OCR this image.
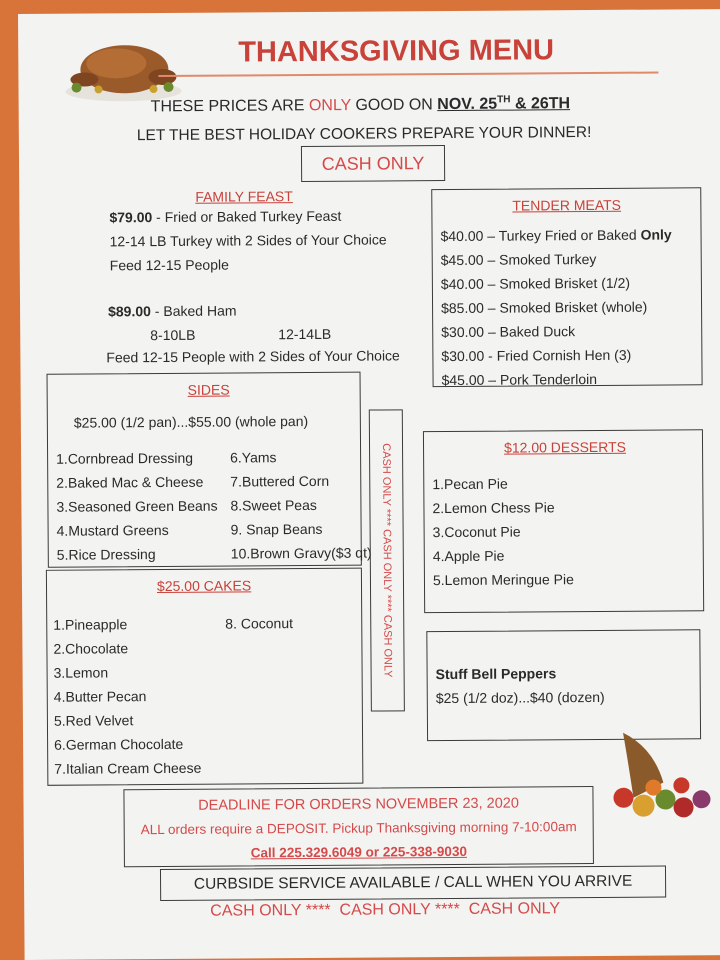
THANKSGIVING MENU
THESE PRICES ARE ONLY GOOD ON NOV. 25TH & 26TH
LET THE BEST HOLIDAY COOKERS PREPARE YOUR DINNER!
CASH ONLY
FAMILY FEAST
$79.00 - Fried or Baked Turkey Feast
12-14 LB Turkey with 2 Sides of Your Choice
Feed 12-15 People
$89.00 - Baked Ham
8-10LB	12-14LB
Feed 12-15 People with 2 Sides of Your Choice
TENDER MEATS
$40.00 – Turkey Fried or Baked Only
$45.00 – Smoked Turkey
$40.00 – Smoked Brisket (1/2)
$85.00 – Smoked Brisket (whole)
$30.00 – Baked Duck
$30.00 - Fried Cornish Hen (3)
$45.00 – Pork Tenderloin
SIDES
$25.00 (1/2 pan)...$55.00 (whole pan)
1.Cornbread Dressing
2.Baked Mac & Cheese
3.Seasoned Green Beans
4.Mustard Greens
5.Rice Dressing
6.Yams
7.Buttered Corn
8.Sweet Peas
9. Snap Beans
10.Brown Gravy($3 qt) CASH ONLY **** CASH ONLY **** CASH ONLY	$12.00 DESSERTS
1.Pecan Pie
2.Lemon Chess Pie
3.Coconut Pie
4.Apple Pie
5.Lemon Meringue Pie
$25.00 CAKES
1.Pineapple
2.Chocolate
3.Lemon
4.Butter Pecan
5.Red Velvet
6.German Chocolate
7.Italian Cream Cheese
8. Coconut
Stuff Bell Peppers
$25 (1/2 doz)...$40 (dozen)
DEADLINE FOR ORDERS NOVEMBER 23, 2020
ALL orders require a DEPOSIT. Pickup Thanksgiving morning 7-10:00am
Call 225.329.6049 or 225-338-9030
CURBSIDE SERVICE AVAILABLE / CALL WHEN YOU ARRIVE
CASH ONLY ****  CASH ONLY ****  CASH ONLY
